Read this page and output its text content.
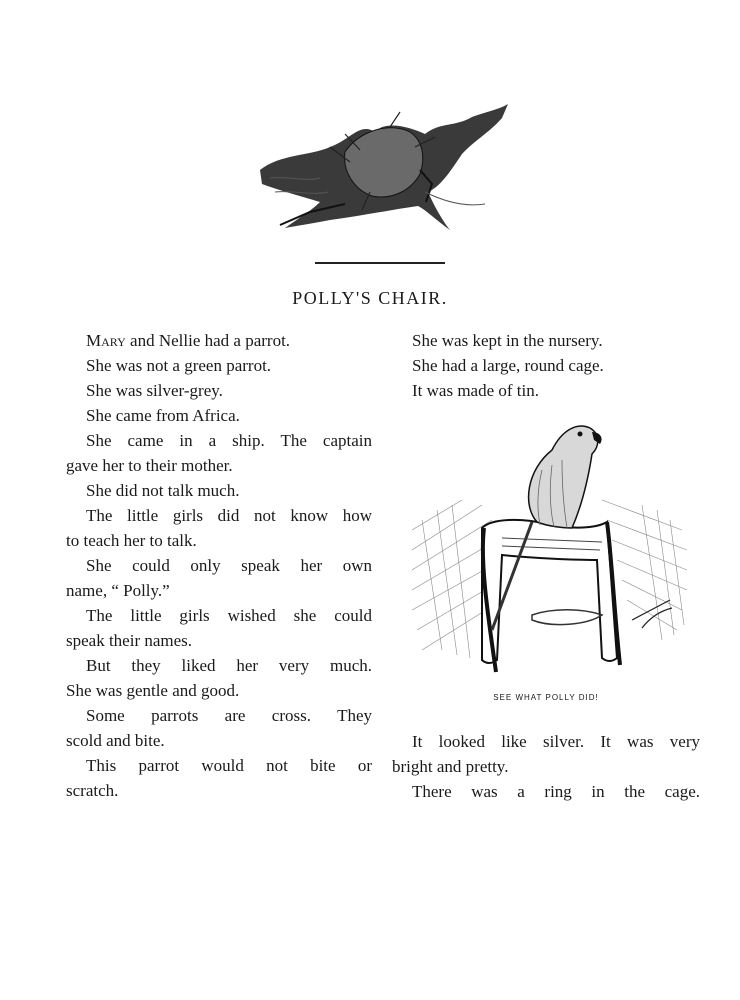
POLLY'S CHAIR.
Mary and Nellie had a parrot.
She was not a green parrot.
She was silver-grey.
She came from Africa.
She came in a ship. The captain
gave her to their mother.
She did not talk much.
The little girls did not know how
to teach her to talk.
She could only speak her own
name, “ Polly.”
The little girls wished she could
speak their names.
But they liked her very much.
She was gentle and good.
Some parrots are cross. They
scold and bite.
This parrot would not bite or
scratch.
She was kept in the nursery.
She had a large, round cage.
It was made of tin.
SEE WHAT POLLY DID!
It looked like silver. It was very
bright and pretty.
There was a ring in the cage.
